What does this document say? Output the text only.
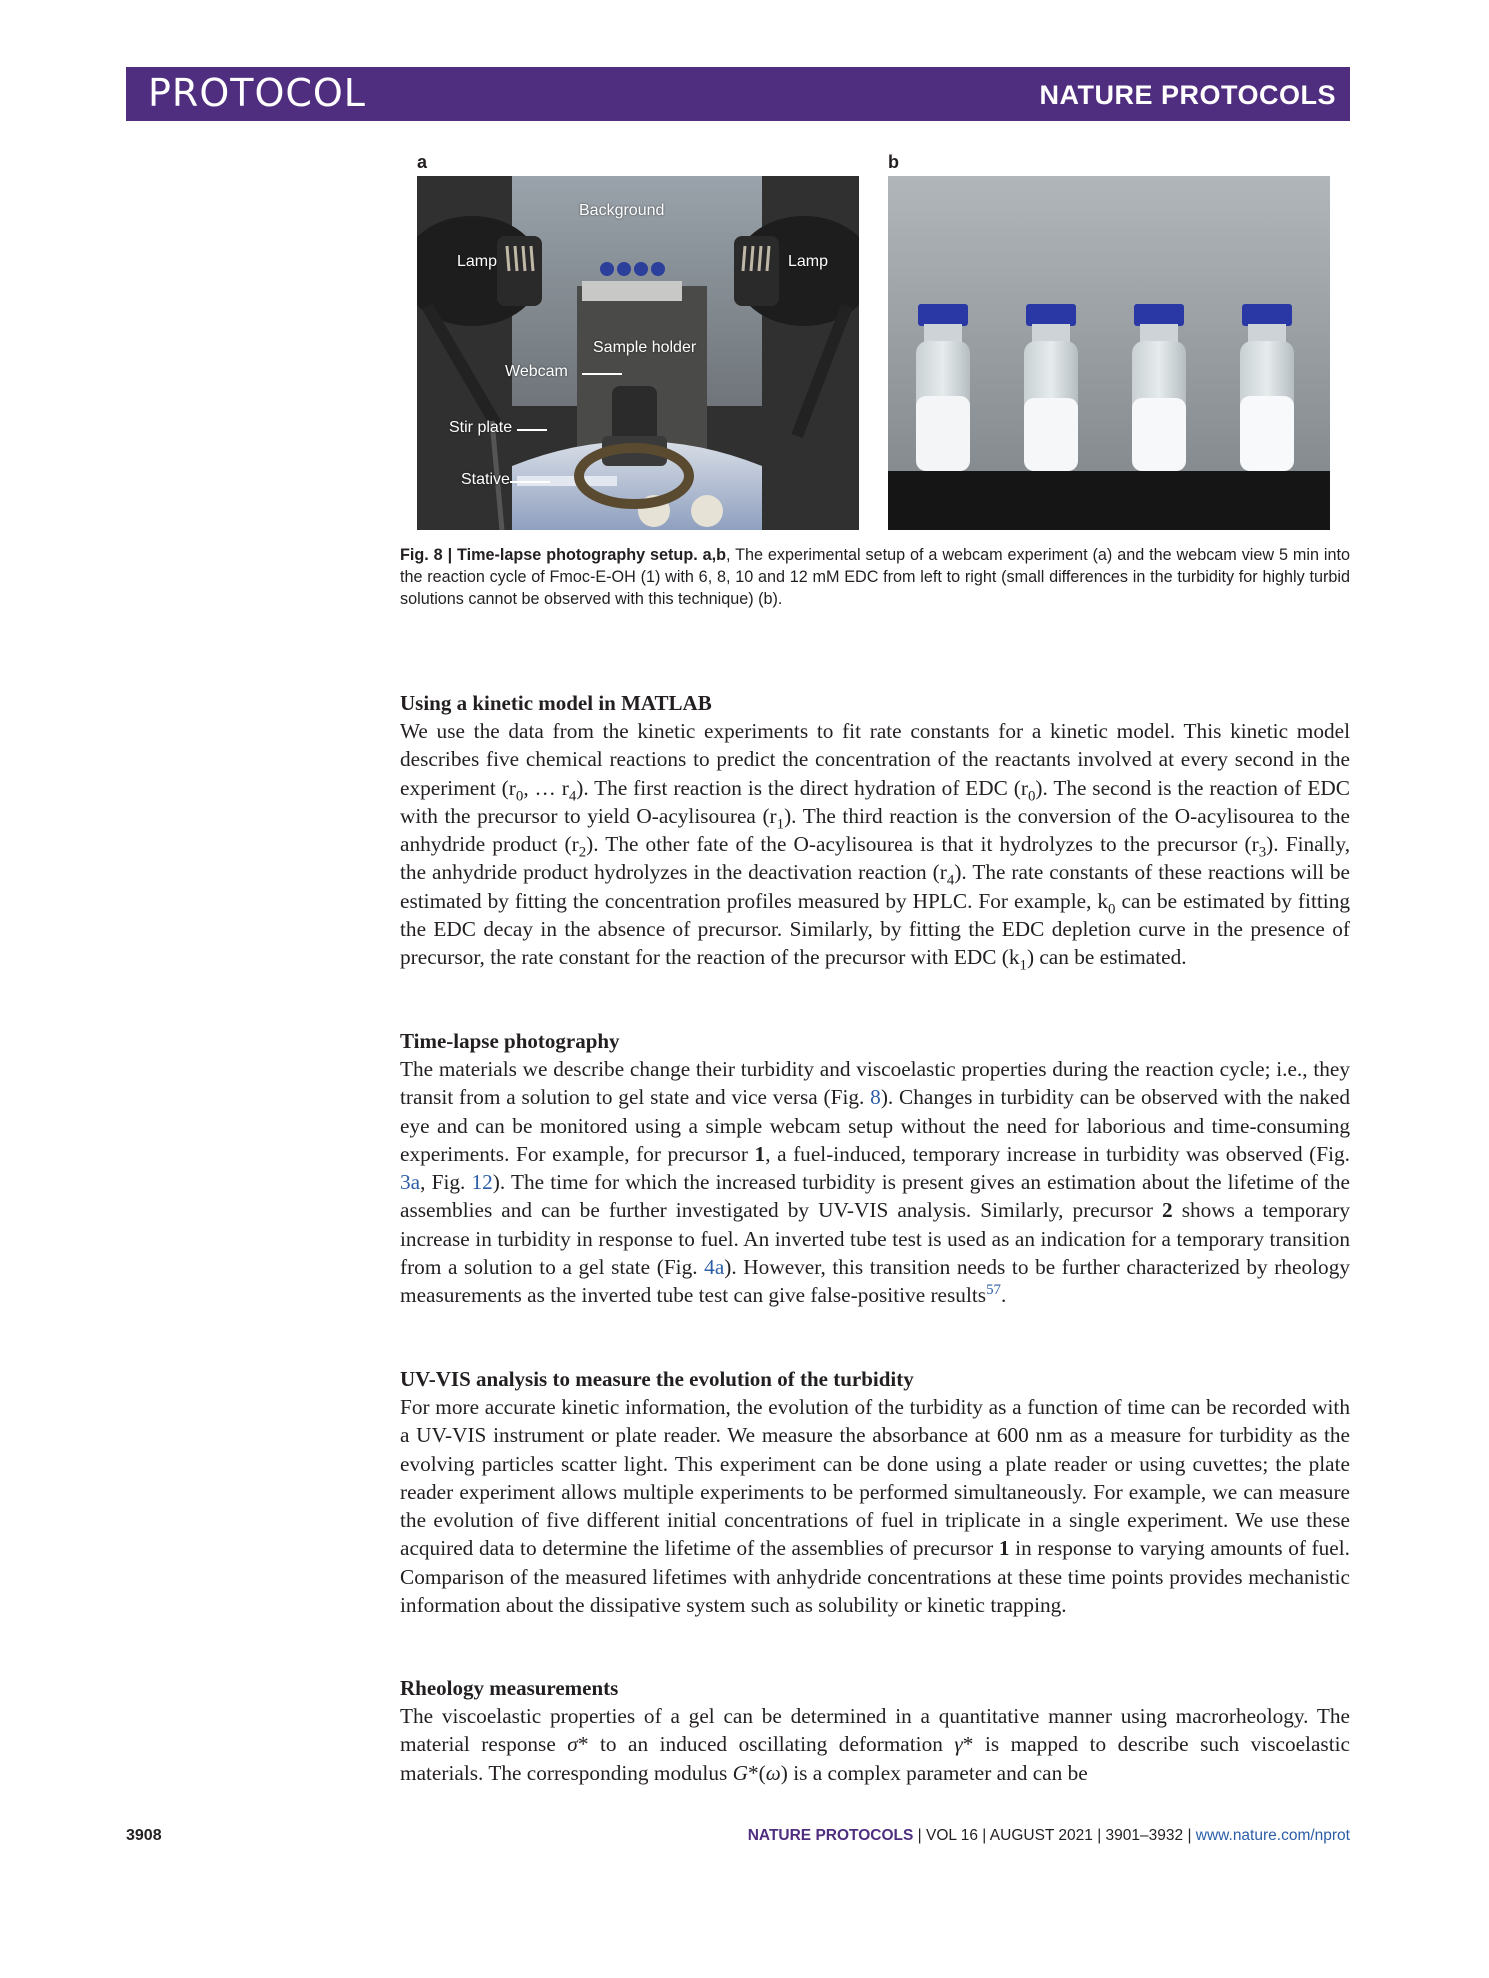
PROTOCOL	NATURE PROTOCOLS
a	b
Background
Lamp	Lamp
Sample holder
Webcam
Stir plate
Stative
Fig. 8 | Time-lapse photography setup. a,b, The experimental setup of a webcam experiment (a) and the webcam view 5 min into the reaction cycle of Fmoc-E-OH (1) with 6, 8, 10 and 12 mM EDC from left to right (small differences in the turbidity for highly turbid solutions cannot be observed with this technique) (b).
Using a kinetic model in MATLAB

We use the data from the kinetic experiments to fit rate constants for a kinetic model. This kinetic model describes five chemical reactions to predict the concentration of the reactants involved at every second in the experiment ($r_0$, … $r_4$). The first reaction is the direct hydration of EDC $(r_0)$. The second is the reaction of EDC with the precursor to yield O-acylisourea $(r_1)$. The third reaction is the conversion of the O-acylisourea to the anhydride product $(r_2)$. The other fate of the O-acylisourea is that it hydrolyzes to the precursor $(r_3)$. Finally, the anhydride product hydrolyzes in the deactivation reaction $(r_4)$. The rate constants of these reactions will be estimated by fitting the concentration profiles measured by HPLC. For example, $k_0$ can be estimated by fitting the EDC decay in the absence of precursor. Similarly, by fitting the EDC depletion curve in the presence of precursor, the rate constant for the reaction of the precursor with EDC $(k_1)$ can be estimated.

Time-lapse photography

The materials we describe change their turbidity and viscoelastic properties during the reaction cycle; i.e., they transit from a solution to gel state and vice versa (Fig. 8). Changes in turbidity can be observed with the naked eye and can be monitored using a simple webcam setup without the need for laborious and time-consuming experiments. For example, for precursor 1, a fuel-induced, temporary increase in turbidity was observed (Fig. 3a, Fig. 12). The time for which the increased turbidity is present gives an estimation about the lifetime of the assemblies and can be further investigated by UV-VIS analysis. Similarly, precursor 2 shows a temporary increase in turbidity in response to fuel. An inverted tube test is used as an indication for a temporary transition from a solution to a gel state (Fig. 4a). However, this transition needs to be further characterized by rheology measurements as the inverted tube test can give false-positive results$^{57}$.

UV-VIS analysis to measure the evolution of the turbidity

For more accurate kinetic information, the evolution of the turbidity as a function of time can be recorded with a UV-VIS instrument or plate reader. We measure the absorbance at 600 nm as a measure for turbidity as the evolving particles scatter light. This experiment can be done using a plate reader or using cuvettes; the plate reader experiment allows multiple experiments to be performed simultaneously. For example, we can measure the evolution of five different initial concentrations of fuel in triplicate in a single experiment. We use these acquired data to determine the lifetime of the assemblies of precursor 1 in response to varying amounts of fuel. Comparison of the measured lifetimes with anhydride concentrations at these time points provides mechanistic information about the dissipative system such as solubility or kinetic trapping.

Rheology measurements

The viscoelastic properties of a gel can be determined in a quantitative manner using macrorheology. The material response σ* to an induced oscillating deformation γ* is mapped to describe such viscoelastic materials. The corresponding modulus G*(ω) is a complex parameter and can be

3908	NATURE PROTOCOLS | VOL 16 | AUGUST 2021 | 3901–3932 | www.nature.com/nprot
